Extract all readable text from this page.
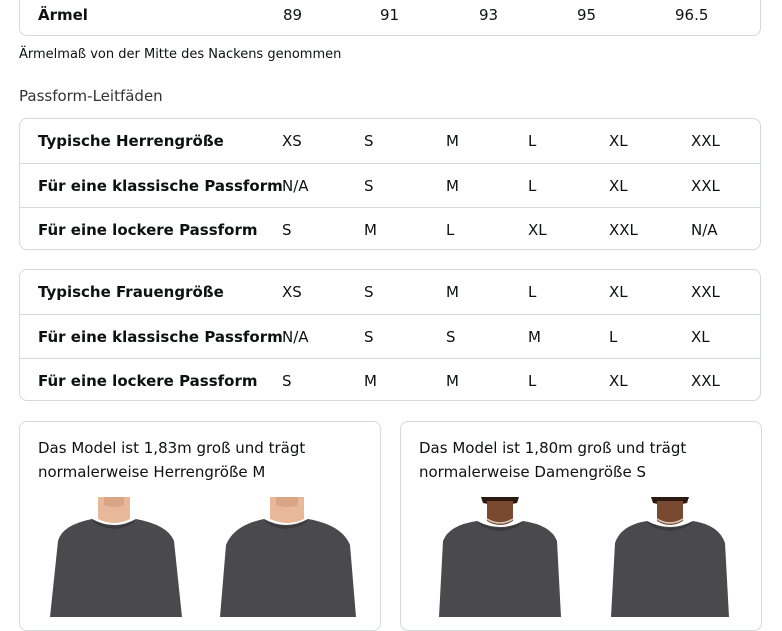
Ärmel	89	91	93	95	96.5
Ärmelmaß von der Mitte des Nackens genommen
Passform-Leitfäden
Typische Herrengröße	XS	S	M	L	XL	XXL
Für eine klassische Passform N/A	S	M	L	XL	XXL
Für eine lockere Passform S	M	L	XL	XXL	N/A
Typische Frauengröße	XS	S	M	L	XL	XXL
Für eine klassische Passform N/A	S	S	M	L	XL
Für eine lockere Passform S	M	M	L	XL	XXL
Das Model ist 1,83m groß und trägt
normalerweise Herrengröße M
Das Model ist 1,80m groß und trägt
normalerweise Damengröße S
